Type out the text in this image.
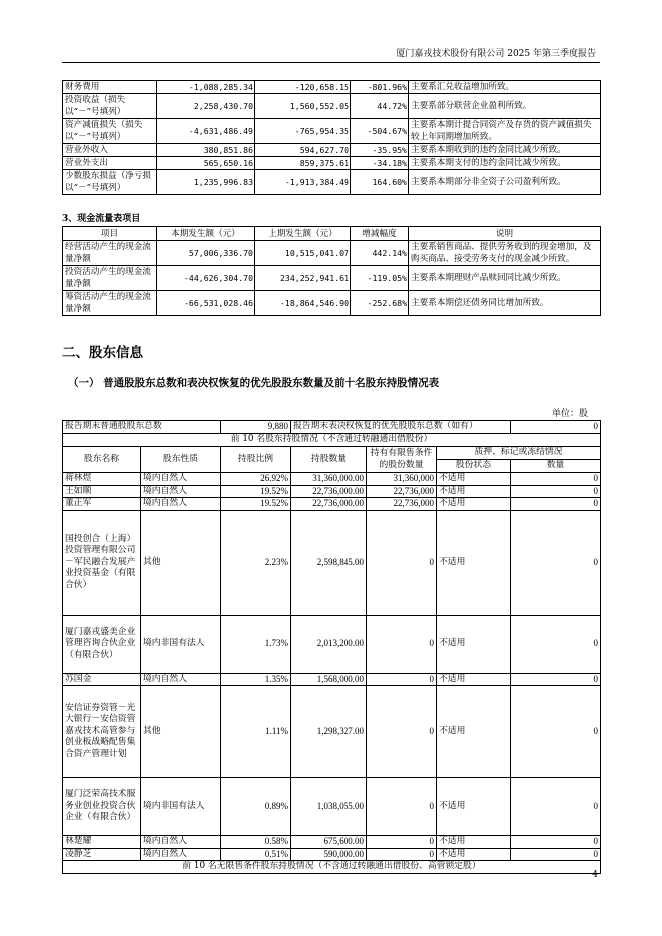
厦门嘉戎技术股份有限公司 2025 年第三季度报告
财务费用	-1,088,285.34	-120,658.15	-801.96%	主要系汇兑收益增加所致。
投资收益（损失以“－”号填列）	2,258,430.70	1,560,552.05	44.72%	主要系部分联营企业盈利所致。
资产减值损失（损失以“－”号填列）	-4,631,486.49	-765,954.35	-504.67%	主要系本期计提合同资产及存货的资产减值损失较上年同期增加所致。
营业外收入	380,851.86	594,627.70	-35.95%	主要系本期收到的违约金同比减少所致。
营业外支出	565,650.16	859,375.61	-34.18%	主要系本期支付的违约金同比减少所致。
少数股东损益（净亏损以“－”号填列）	1,235,996.83	-1,913,384.49	164.60%	主要系本期部分非全资子公司盈利所致。
3、现金流量表项目
项目	本期发生额（元）	上期发生额（元）	增减幅度	说明
经营活动产生的现金流量净额	57,006,336.70	10,515,041.07	442.14%	主要系销售商品、提供劳务收到的现金增加，及购买商品、接受劳务支付的现金减少所致。
投资活动产生的现金流量净额	-44,626,304.70	234,252,941.61	-119.05%	主要系本期理财产品赎回同比减少所致。
筹资活动产生的现金流量净额	-66,531,028.46	-18,864,546.90	-252.68%	主要系本期偿还债务同比增加所致。
二、股东信息
（一） 普通股股东总数和表决权恢复的优先股股东数量及前十名股东持股情况表
单位：股
报告期末普通股股东总数		9,880	报告期末表决权恢复的优先股股东总数（如有）			0
前 10 名股东持股情况（不含通过转融通出借股份）						
股东名称	股东性质	持股比例	持股数量	持有有限售条件的股份数量	质押、标记或冻结情况	
					股份状态	数量
蒋林煜	境内自然人	26.92%	31,360,000.00	31,360,000	不适用	0
王如顺	境内自然人	19.52%	22,736,000.00	22,736,000	不适用	0
董正军	境内自然人	19.52%	22,736,000.00	22,736,000	不适用	0
国投创合（上海）投资管理有限公司－军民融合发展产业投资基金（有限合伙）	其他	2.23%	2,598,845.00	0	不适用	0
厦门嘉戎盛美企业管理咨询合伙企业（有限合伙）	境内非国有法人	1.73%	2,013,200.00	0	不适用	0
苏国金	境内自然人	1.35%	1,568,000.00	0	不适用	0
安信证券资管－光大银行－安信资管嘉戎技术高管参与创业板战略配售集合资产管理计划	其他	1.11%	1,298,327.00	0	不适用	0
厦门泛荣高技术服务业创业投资合伙企业（有限合伙）	境内非国有法人	0.89%	1,038,055.00	0	不适用	0
林楚耀	境内自然人	0.58%	675,600.00	0	不适用	0
凌静芝	境内自然人	0.51%	590,000.00	0	不适用	0
前 10 名无限售条件股东持股情况（不含通过转融通出借股份、高管锁定股）						
4
